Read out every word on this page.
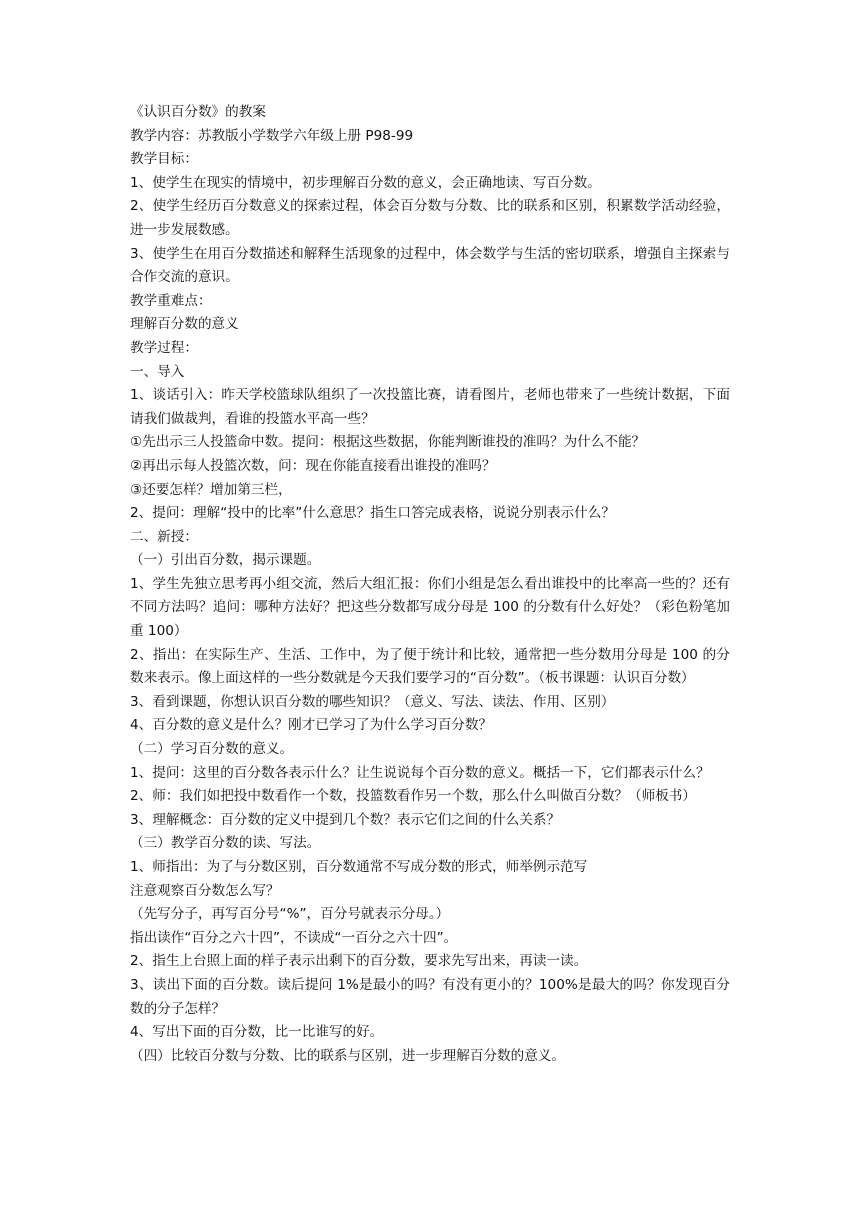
《认识百分数》的教案

教学内容：苏教版小学数学六年级上册 P98-99

教学目标：

1、使学生在现实的情境中，初步理解百分数的意义，会正确地读、写百分数。

2、使学生经历百分数意义的探索过程，体会百分数与分数、比的联系和区别，积累数学活动经验，进一步发展数感。

3、使学生在用百分数描述和解释生活现象的过程中，体会数学与生活的密切联系，增强自主探索与合作交流的意识。

教学重难点：

理解百分数的意义

教学过程：

一、导入

1、谈话引入：昨天学校篮球队组织了一次投篮比赛，请看图片，老师也带来了一些统计数据，下面请我们做裁判，看谁的投篮水平高一些？

①先出示三人投篮命中数。提问：根据这些数据，你能判断谁投的准吗？为什么不能？

②再出示每人投篮次数，问：现在你能直接看出谁投的准吗？

③还要怎样？增加第三栏，

2、提问：理解“投中的比率”什么意思？指生口答完成表格，说说分别表示什么？

二、新授：

（一）引出百分数，揭示课题。

1、学生先独立思考再小组交流，然后大组汇报：你们小组是怎么看出谁投中的比率高一些的？还有不同方法吗？追问：哪种方法好？把这些分数都写成分母是 100 的分数有什么好处？（彩色粉笔加重 100）

2、指出：在实际生产、生活、工作中，为了便于统计和比较，通常把一些分数用分母是 100 的分数来表示。像上面这样的一些分数就是今天我们要学习的“百分数”。（板书课题：认识百分数）

3、看到课题，你想认识百分数的哪些知识？（意义、写法、读法、作用、区别）

4、百分数的意义是什么？刚才已学习了为什么学习百分数？

（二）学习百分数的意义。

1、提问：这里的百分数各表示什么？让生说说每个百分数的意义。概括一下，它们都表示什么？

2、师：我们如把投中数看作一个数，投篮数看作另一个数，那么什么叫做百分数？（师板书）

3、理解概念：百分数的定义中提到几个数？表示它们之间的什么关系？

（三）教学百分数的读、写法。

1、师指出：为了与分数区别，百分数通常不写成分数的形式，师举例示范写

注意观察百分数怎么写？

（先写分子，再写百分号“%”，百分号就表示分母。）

指出读作“百分之六十四”，不读成“一百分之六十四”。

2、指生上台照上面的样子表示出剩下的百分数，要求先写出来，再读一读。

3、读出下面的百分数。读后提问 1%是最小的吗？有没有更小的？100%是最大的吗？你发现百分数的分子怎样？

4、写出下面的百分数，比一比谁写的好。

（四）比较百分数与分数、比的联系与区别，进一步理解百分数的意义。
